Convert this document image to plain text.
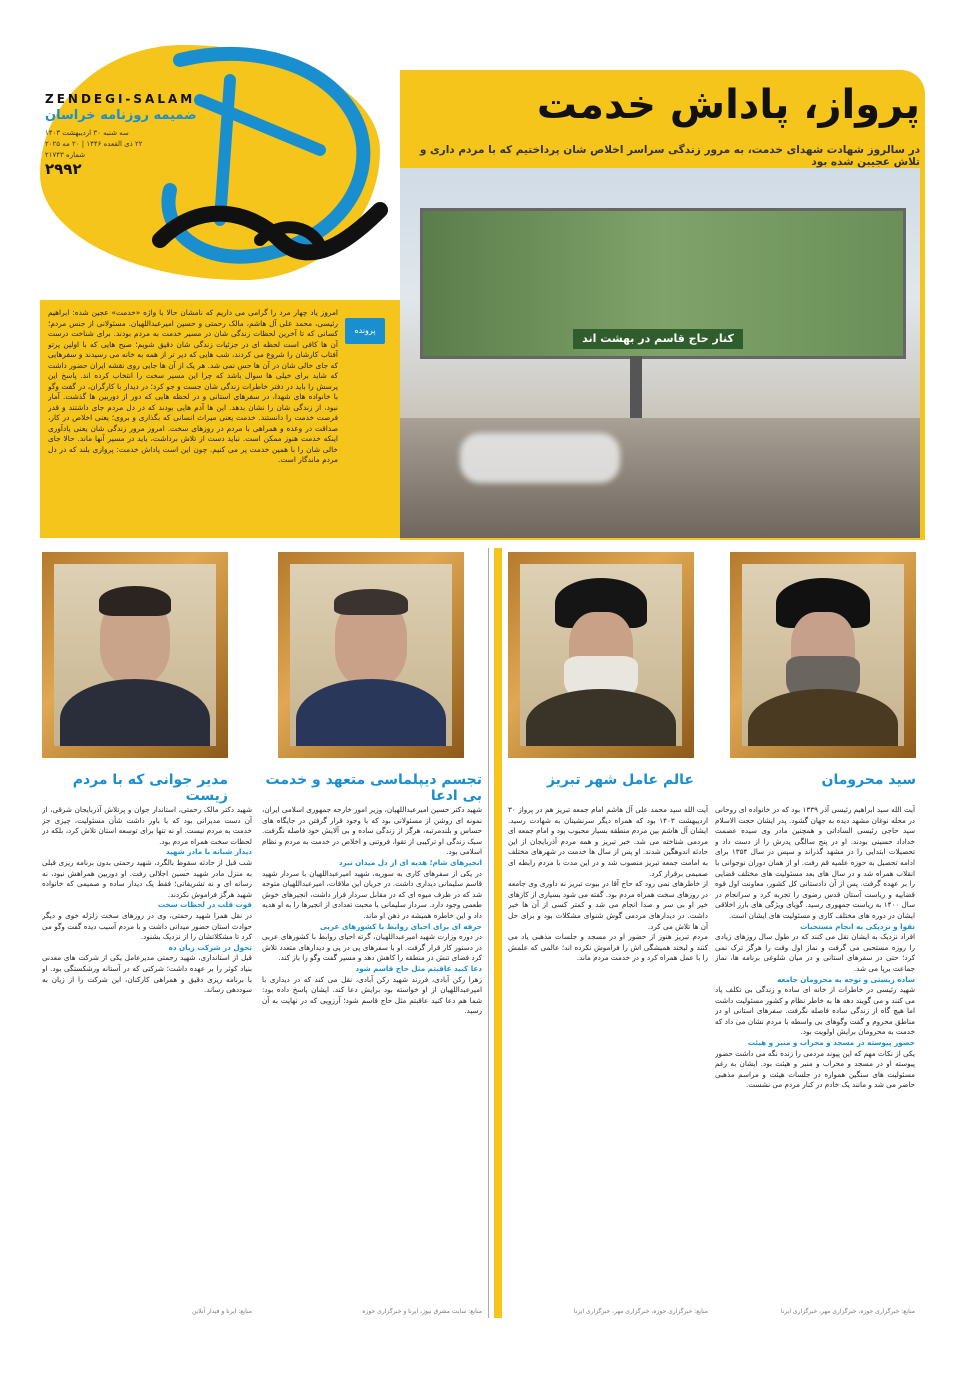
ZENDEGI-SALAM
ضمیمه روزنامه خراسان
سه شنبه ۳۰ اردیبهشت ۱۴۰۳
۲۲ ذی القعده ۱۴۴۶ | ۲۰ مه ۲۰۲۵
شماره ۲۱۷۴۳
۲۹۹۲
پرواز، پاداش خدمت
در سالروز شهادت شهدای خدمت، به مرور زندگی سراسر اخلاص شان پرداختیم که با مردم داری و تلاش عجیبن شده بود
کنار حاج قاسم در بهشت اند
پرونده
امروز یاد چهار مرد را گرامی می داریم که نامشان حالا با واژه «خدمت» عجین شده: ابراهیم رئیسی، محمد علی آل هاشم، مالک رحمتی و حسین امیرعبداللهیان. مسئولانی از جنس مردم؛ کسانی که تا آخرین لحظات زندگی شان در مسیر خدمت به مردم بودند. برای شناخت درست آن ها کافی است لحظه ای در جزئیات زندگی شان دقیق شویم؛ صبح هایی که با اولین پرتو آفتاب کارشان را شروع می کردند، شب هایی که دیر تر از همه به خانه می رسیدند و سفرهایی که جای خالی شان در آن ها حس نمی شد. هر یک از آن ها جایی روی نقشه ایران حضور داشت که شاید برای خیلی ها سوال باشد که چرا این مسیر سخت را انتخاب کرده اند. پاسخ این پرسش را باید در دفتر خاطرات زندگی شان جست و جو کرد؛ در دیدار با کارگران، در گفت وگو با خانواده های شهدا، در سفرهای استانی و در لحظه هایی که دور از دوربین ها گذشت. آمار نبود، از زندگی شان را نشان بدهد. این ها آدم هایی بودند که در دل مردم جای داشتند و قدر فرصت خدمت را دانستند. خدمت یعنی میراث انسانی که بگذاری و بروی؛ یعنی اخلاص در کار، صداقت در وعده و همراهی با مردم در روزهای سخت. امروز مرور زندگی شان یعنی یادآوری اینکه خدمت هنوز ممکن است. نباید دست از تلاش برداشت، باید در مسیر آنها ماند. حالا جای خالی شان را با همین خدمت پر می کنیم. چون این است پاداش خدمت: پروازی بلند که در دل مردم ماندگار است.
مدیر جوانی که با مردم زیست
تجسم دیپلماسی متعهد و خدمت بی ادعا
عالم عامل شهر تبریز	سید محرومان
آیت الله سید ابراهیم رئیسی آذر ۱۳۳۹ بود که در خانواده ای روحانی در محله نوغان مشهد دیده به جهان گشود. پدر ایشان حجت الاسلام سید حاجی رئیسی الساداتی و همچنین مادر وی سیده عصمت خداداد حسینی بودند. او در پنج سالگی پدرش را از دست داد و تحصیلات ابتدایی را در مشهد گذراند و سپس در سال ۱۳۵۴ برای ادامه تحصیل به حوزه علمیه قم رفت. او از همان دوران نوجوانی با انقلاب همراه شد و در سال های بعد مسئولیت های مختلف قضایی را بر عهده گرفت. پس از آن دادستانی کل کشور، معاونت اول قوه قضاییه و ریاست آستان قدس رضوی را تجربه کرد و سرانجام در سال ۱۴۰۰ به ریاست جمهوری رسید. گویای ویژگی های بارز اخلاقی ایشان در دوره های مختلف کاری و مسئولیت های ایشان است.
تقوا و نزدیکی به انجام مستحبات
افراد نزدیک به ایشان نقل می کنند که در طول سال روزهای زیادی را روزه مستحبی می گرفت و نماز اول وقت را هرگز ترک نمی کرد؛ حتی در سفرهای استانی و در میان شلوغی برنامه ها، نماز جماعت برپا می شد.
ساده زیستی و توجه به محرومان جامعه
شهید رئیسی در خاطرات از خانه ای ساده و زندگی بی تکلف یاد می کنند و می گویند دهه ها به خاطر نظام و کشور مسئولیت داشت اما هیچ گاه از زندگی ساده فاصله نگرفت. سفرهای استانی او در مناطق محروم و گفت وگوهای بی واسطه با مردم نشان می داد که خدمت به محرومان برایش اولویت بود.
حضور پیوسته در مسجد و محراب و منبر و هیئت
یکی از نکات مهم که این پیوند مردمی را زنده نگه می داشت حضور پیوسته او در مسجد و محراب و منبر و هیئت بود. ایشان به رغم مسئولیت های سنگین همواره در جلسات هیئت و مراسم مذهبی حاضر می شد و مانند یک خادم در کنار مردم می نشست.
منابع: خبرگزاری حوزه، خبرگزاری مهر، خبرگزاری ایرنا
آیت الله سید محمد علی آل هاشم امام جمعه تبریز هم در پرواز ۳۰ اردیبهشت ۱۴۰۳ بود که همراه دیگر سرنشینان به شهادت رسید. ایشان آل هاشم بین مردم منطقه بسیار محبوب بود و امام جمعه ای مردمی شناخته می شد. خبر تبریز و همه مردم آذربایجان از این حادثه اندوهگین شدند. او پس از سال ها خدمت در شهرهای مختلف به امامت جمعه تبریز منصوب شد و در این مدت با مردم رابطه ای صمیمی برقرار کرد.
از خاطرهای نمی رود که حاج آقا در بیوت تبریز نه داوری وی جامعه در روزهای سخت همراه مردم بود. گفته می شود بسیاری از کارهای خیر او بی سر و صدا انجام می شد و کمتر کسی از آن ها خبر داشت. در دیدارهای مردمی گوش شنوای مشکلات بود و برای حل آن ها تلاش می کرد.
مردم تبریز هنوز از حضور او در مسجد و جلسات مذهبی یاد می کنند و لبخند همیشگی اش را فراموش نکرده اند؛ عالمی که علمش را با عمل همراه کرد و در خدمت مردم ماند.
منابع: خبرگزاری حوزه، خبرگزاری مهر، خبرگزاری ایرنا
شهید دکتر حسین امیرعبداللهیان، وزیر امور خارجه جمهوری اسلامی ایران، نمونه ای روشن از مسئولانی بود که با وجود قرار گرفتن در جایگاه های حساس و بلندمرتبه، هرگز از زندگی ساده و بی آلایش خود فاصله نگرفت. سبک زندگی او ترکیبی از تقوا، فروتنی و اخلاص در خدمت به مردم و نظام اسلامی بود.
انجیرهای شام؛ هدیه ای از دل میدان نبرد
در یکی از سفرهای کاری به سوریه، شهید امیرعبداللهیان با سردار شهید قاسم سلیمانی دیداری داشت. در جریان این ملاقات، امیرعبداللهیان متوجه شد که در ظرف میوه ای که در مقابل سردار قرار داشت، انجیرهای خوش طعمی وجود دارد. سردار سلیمانی با محبت تعدادی از انجیرها را به او هدیه داد و این خاطره همیشه در ذهن او ماند.
حرفه ای برای احیای روابط با کشورهای عربی
در دوره وزارت شهید امیرعبداللهیان، گرته احیای روابط با کشورهای عربی در دستور کار قرار گرفت. او با سفرهای پی در پی و دیدارهای متعدد تلاش کرد فضای تنش در منطقه را کاهش دهد و مسیر گفت وگو را باز کند.
دعا کنید عاقبتم مثل حاج قاسم شود
زهرا رکن آبادی، فرزند شهید رکن آبادی، نقل می کند که در دیداری با امیرعبداللهیان از او خواسته بود برایش دعا کند. ایشان پاسخ داده بود: شما هم دعا کنید عاقبتم مثل حاج قاسم شود؛ آرزویی که در نهایت به آن رسید.
منابع: سایت مشرق نیوز، ایرنا و خبرگزاری حوزه
شهید دکتر مالک رحمتی، استاندار جوان و پرتلاش آذربایجان شرقی، از آن دست مدیرانی بود که با باور داشت شأن مسئولیت، چیزی جز خدمت به مردم نیست. او نه تنها برای توسعه استان تلاش کرد، بلکه در لحظات سخت همراه مردم بود.
دیدار شبانه با مادر شهید
شب قبل از حادثه سقوط بالگرد، شهید رحمتی بدون برنامه ریزی قبلی به منزل مادر شهید حسین اجلالی رفت. او دوربین همراهش نبود، نه رسانه ای و نه تشریفاتی؛ فقط یک دیدار ساده و صمیمی که خانواده شهید هرگز فراموش نکردند.
قوت قلب در لحظات سخت
در نقل همرا شهید رحمتی، وی در روزهای سخت زلزله خوی و دیگر حوادث استان حضور میدانی داشت و با مردم آسیب دیده گفت وگو می کرد تا مشکلاتشان را از نزدیک بشنود.
تحول در شرکت زیان ده
قبل از استانداری، شهید رحمتی مدیرعامل یکی از شرکت های معدنی بنیاد کوثر را بر عهده داشت؛ شرکتی که در آستانه ورشکستگی بود. او با برنامه ریزی دقیق و همراهی کارکنان، این شرکت را از زیان به سوددهی رساند.
منابع: ایرنا و فیدار آنلاین
